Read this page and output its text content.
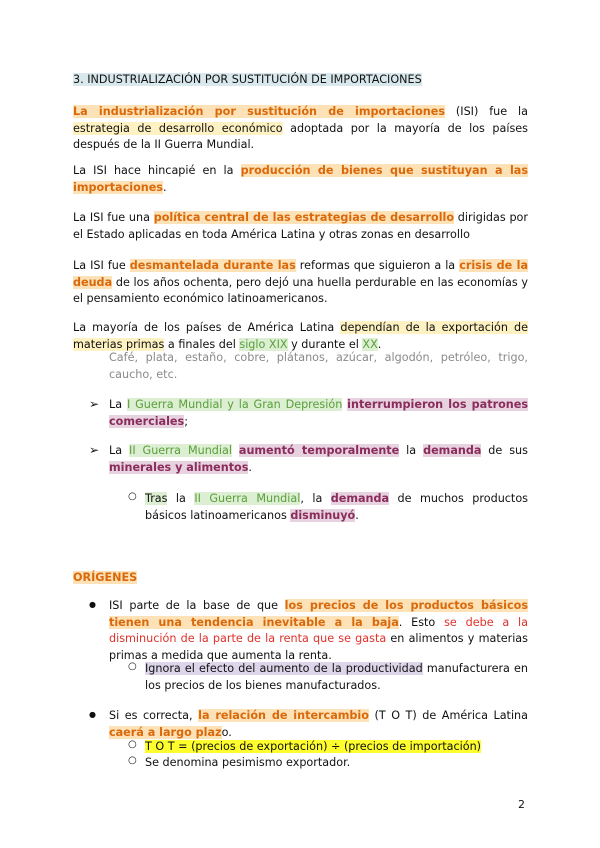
3. INDUSTRIALIZACIÓN POR SUSTITUCIÓN DE IMPORTACIONES
La industrialización por sustitución de importaciones (ISI) fue la estrategia de desarrollo económico adoptada por la mayoría de los países después de la II Guerra Mundial.
La ISI hace hincapié en la producción de bienes que sustituyan a las importaciones.
La ISI fue una política central de las estrategias de desarrollo dirigidas por el Estado aplicadas en toda América Latina y otras zonas en desarrollo
La ISI fue desmantelada durante las reformas que siguieron a la crisis de la deuda de los años ochenta, pero dejó una huella perdurable en las economías y el pensamiento económico latinoamericanos.
La mayoría de los países de América Latina dependían de la exportación de materias primas a finales del siglo XIX y durante el XX.
Café, plata, estaño, cobre, plátanos, azúcar, algodón, petróleo, trigo, caucho, etc.
➢ La I Guerra Mundial y la Gran Depresión interrumpieron los patrones comerciales;
➢ La II Guerra Mundial aumentó temporalmente la demanda de sus minerales y alimentos.
○ Tras la II Guerra Mundial, la demanda de muchos productos básicos latinoamericanos disminuyó.
ORÍGENES
● ISI parte de la base de que los precios de los productos básicos tienen una tendencia inevitable a la baja. Esto se debe a la disminución de la parte de la renta que se gasta en alimentos y materias primas a medida que aumenta la renta.
○ Ignora el efecto del aumento de la productividad manufacturera en los precios de los bienes manufacturados.
● Si es correcta, la relación de intercambio (T O T) de América Latina caerá a largo plazo.
○ T O T = (precios de exportación) ÷ (precios de importación)
○ Se denomina pesimismo exportador.
2
